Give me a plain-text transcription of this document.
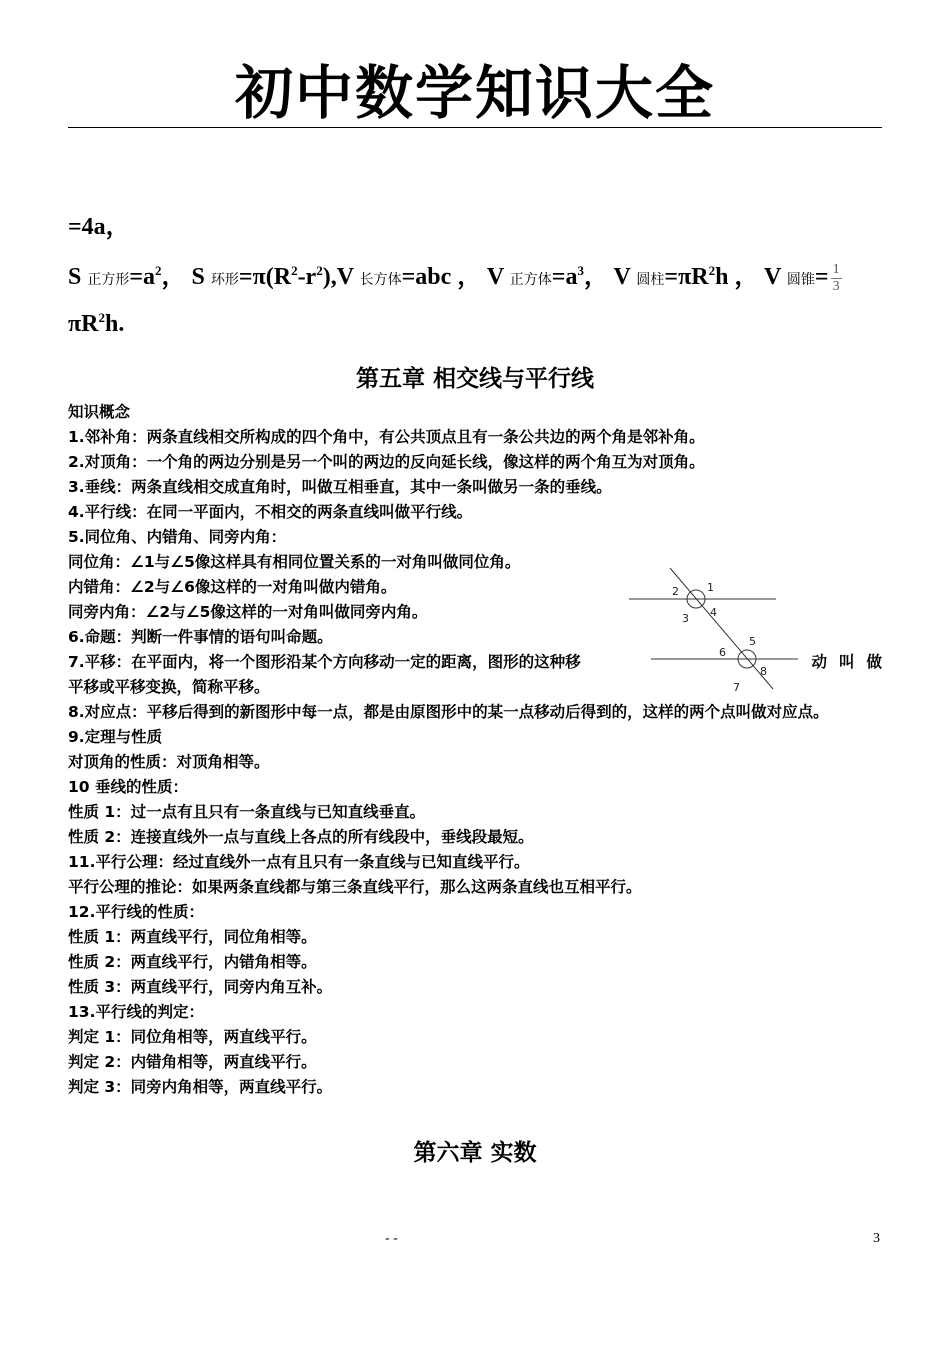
初中数学知识大全
=4a，
S 正方形$=a^2$， S 环形$=\pi(R^2-r^2),V$ 长方体=abc ， V 正方体$=a^3$， V 圆柱$=\pi R^2h$ ， V 圆锥= $\frac{1}{3}$
$\pi R^2h$.
第五章 相交线与平行线
知识概念
1.邻补角：两条直线相交所构成的四个角中，有公共顶点且有一条公共边的两个角是邻补角。
2.对顶角：一个角的两边分别是另一个叫的两边的反向延长线，像这样的两个角互为对顶角。
3.垂线：两条直线相交成直角时，叫做互相垂直，其中一条叫做另一条的垂线。
4.平行线：在同一平面内，不相交的两条直线叫做平行线。
5.同位角、内错角、同旁内角：
同位角：∠1与∠5像这样具有相同位置关系的一对角叫做同位角。
内错角：∠2与∠6像这样的一对角叫做内错角。
同旁内角：∠2与∠5像这样的一对角叫做同旁内角。
6.命题：判断一件事情的语句叫命题。
7.平移：在平面内，将一个图形沿某个方向移动一定的距离，图形的这种移	动叫做
平移或平移变换，简称平移。
8.对应点：平移后得到的新图形中每一点，都是由原图形中的某一点移动后得到的，这样的两个点叫做对应点。
9.定理与性质
对顶角的性质：对顶角相等。
10 垂线的性质：
性质 1：过一点有且只有一条直线与已知直线垂直。
性质 2：连接直线外一点与直线上各点的所有线段中，垂线段最短。
11.平行公理：经过直线外一点有且只有一条直线与已知直线平行。
平行公理的推论：如果两条直线都与第三条直线平行，那么这两条直线也互相平行。
12.平行线的性质：
性质 1：两直线平行，同位角相等。
性质 2：两直线平行，内错角相等。
性质 3：两直线平行，同旁内角互补。
13.平行线的判定：
判定 1：同位角相等，两直线平行。
判定 2：内错角相等，两直线平行。
判定 3：同旁内角相等，两直线平行。
1
2
3 4
5
6
7
8
第六章 实数
- -	3
